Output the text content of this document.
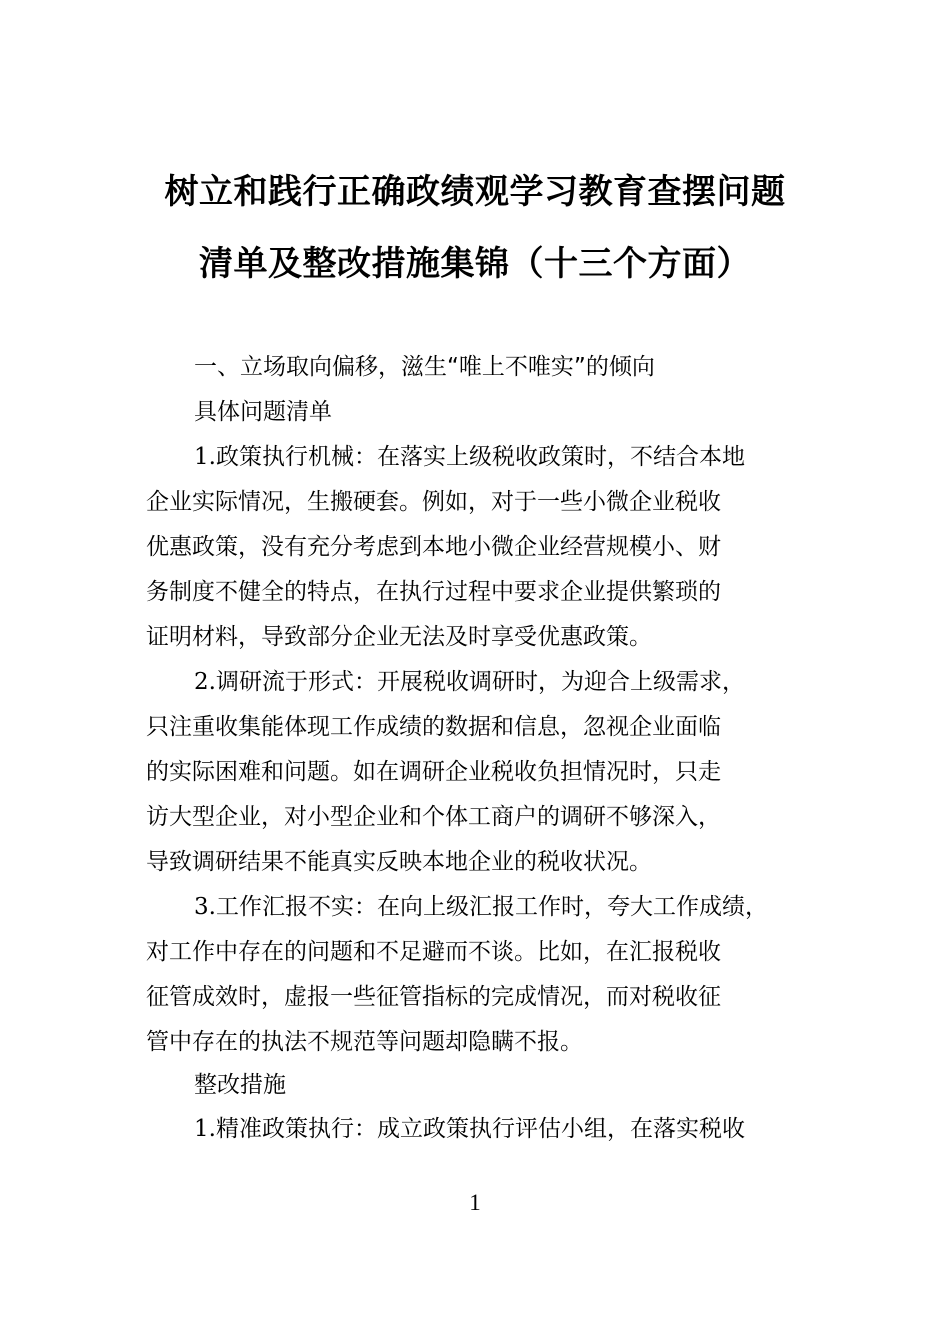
树立和践行正确政绩观学习教育查摆问题
清单及整改措施集锦（十三个方面）
一、立场取向偏移，滋生“唯上不唯实”的倾向
具体问题清单
1.政策执行机械：在落实上级税收政策时，不结合本地
企业实际情况，生搬硬套。例如，对于一些小微企业税收
优惠政策，没有充分考虑到本地小微企业经营规模小、财
务制度不健全的特点，在执行过程中要求企业提供繁琐的
证明材料，导致部分企业无法及时享受优惠政策。
2.调研流于形式：开展税收调研时，为迎合上级需求，
只注重收集能体现工作成绩的数据和信息，忽视企业面临
的实际困难和问题。如在调研企业税收负担情况时，只走
访大型企业，对小型企业和个体工商户的调研不够深入，
导致调研结果不能真实反映本地企业的税收状况。
3.工作汇报不实：在向上级汇报工作时，夸大工作成绩，
对工作中存在的问题和不足避而不谈。比如，在汇报税收
征管成效时，虚报一些征管指标的完成情况，而对税收征
管中存在的执法不规范等问题却隐瞒不报。
整改措施
1.精准政策执行：成立政策执行评估小组，在落实税收
1
